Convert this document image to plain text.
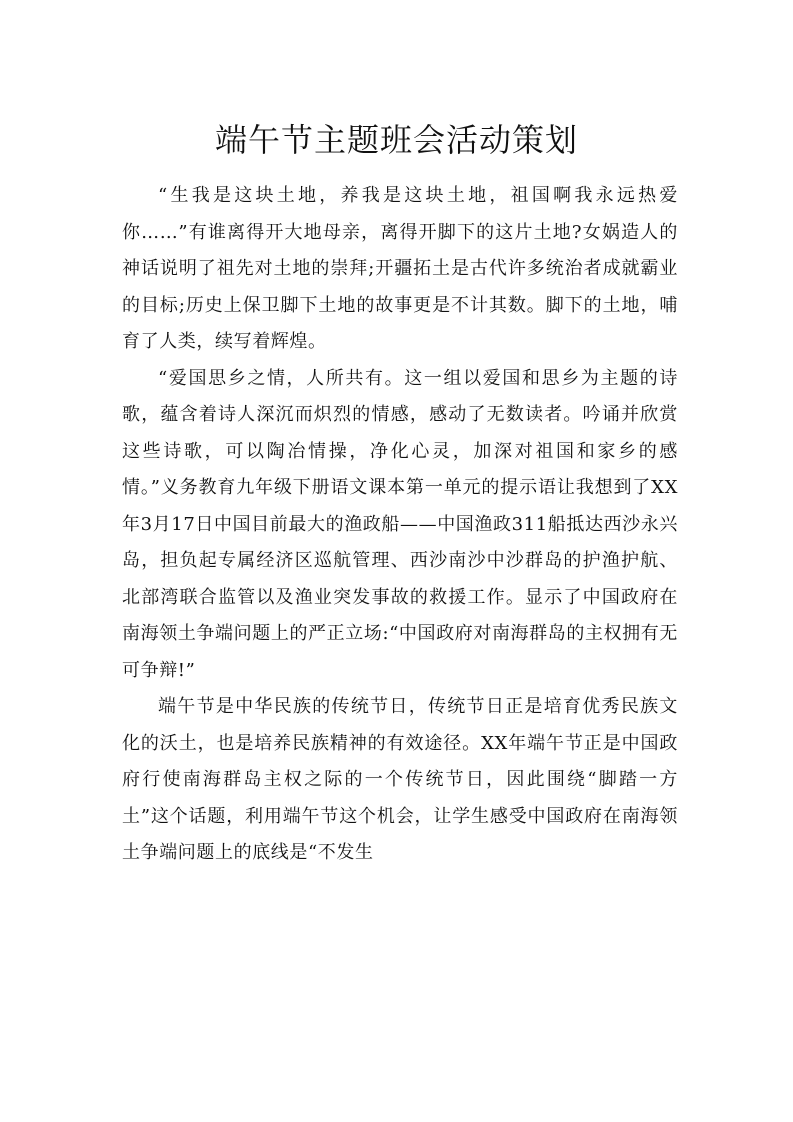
端午节主题班会活动策划

“生我是这块土地，养我是这块土地，祖国啊我永远热爱你……”有谁离得开大地母亲，离得开脚下的这片土地?女娲造人的神话说明了祖先对土地的崇拜;开疆拓土是古代许多统治者成就霸业的目标;历史上保卫脚下土地的故事更是不计其数。脚下的土地，哺育了人类，续写着辉煌。

“爱国思乡之情，人所共有。这一组以爱国和思乡为主题的诗歌，蕴含着诗人深沉而炽烈的情感，感动了无数读者。吟诵并欣赏这些诗歌，可以陶冶情操，净化心灵，加深对祖国和家乡的感情。”义务教育九年级下册语文课本第一单元的提示语让我想到了XX年3月17日中国目前最大的渔政船——中国渔政311船抵达西沙永兴岛，担负起专属经济区巡航管理、西沙南沙中沙群岛的护渔护航、北部湾联合监管以及渔业突发事故的救援工作。显示了中国政府在南海领土争端问题上的严正立场:“中国政府对南海群岛的主权拥有无可争辩!”

端午节是中华民族的传统节日，传统节日正是培育优秀民族文化的沃土，也是培养民族精神的有效途径。XX年端午节正是中国政府行使南海群岛主权之际的一个传统节日，因此围绕“脚踏一方土”这个话题，利用端午节这个机会，让学生感受中国政府在南海领土争端问题上的底线是“不发生
